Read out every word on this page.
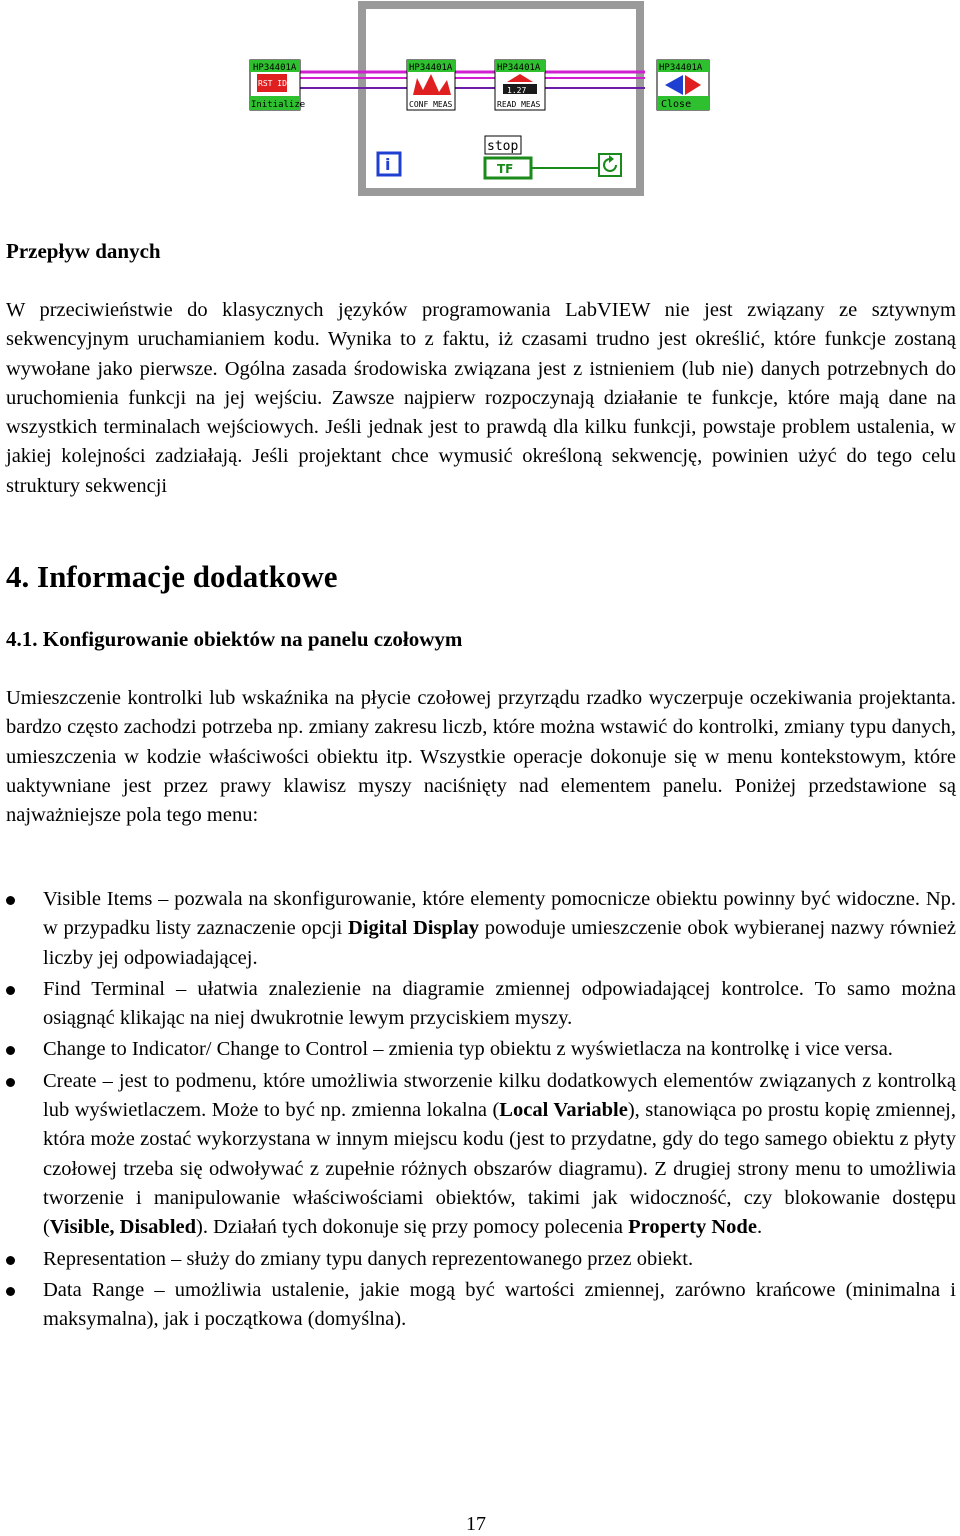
HP34401A
RST IDN
Initialize
HP34401A
CONF MEAS
HP34401A
1.27
READ MEAS
i
stop
TF
HP34401A
Close
Przepływ danych

W przeciwieństwie do klasycznych języków programowania LabVIEW nie jest związany ze sztywnym sekwencyjnym uruchamianiem kodu. Wynika to z faktu, iż czasami trudno jest określić, które funkcje zostaną wywołane jako pierwsze. Ogólna zasada środowiska związana jest z istnieniem (lub nie) danych potrzebnych do uruchomienia funkcji na jej wejściu. Zawsze najpierw rozpoczynają działanie te funkcje, które mają dane na wszystkich terminalach wejściowych. Jeśli jednak jest to prawdą dla kilku funkcji, powstaje problem ustalenia, w jakiej kolejności zadziałają. Jeśli projektant chce wymusić określoną sekwencję, powinien użyć do tego celu struktury sekwencji

4. Informacje dodatkowe
4.1. Konfigurowanie obiektów na panelu czołowym

Umieszczenie kontrolki lub wskaźnika na płycie czołowej przyrządu rzadko wyczerpuje oczekiwania projektanta. bardzo często zachodzi potrzeba np. zmiany zakresu liczb, które można wstawić do kontrolki, zmiany typu danych, umieszczenia w kodzie właściwości obiektu itp. Wszystkie operacje dokonuje się w menu kontekstowym, które uaktywniane jest przez prawy klawisz myszy naciśnięty nad elementem panelu. Poniżej przedstawione są najważniejsze pola tego menu:

Visible Items – pozwala na skonfigurowanie, które elementy pomocnicze obiektu powinny być widoczne. Np. w przypadku listy zaznaczenie opcji Digital Display powoduje umieszczenie obok wybieranej nazwy również liczby jej odpowiadającej.
Find Terminal – ułatwia znalezienie na diagramie zmiennej odpowiadającej kontrolce. To samo można osiągnąć klikając na niej dwukrotnie lewym przyciskiem myszy.
Change to Indicator/ Change to Control – zmienia typ obiektu z wyświetlacza na kontrolkę i vice versa.
Create – jest to podmenu, które umożliwia stworzenie kilku dodatkowych elementów związanych z kontrolką lub wyświetlaczem. Może to być np. zmienna lokalna (Local Variable), stanowiąca po prostu kopię zmiennej, która może zostać wykorzystana w innym miejscu kodu (jest to przydatne, gdy do tego samego obiektu z płyty czołowej trzeba się odwoływać z zupełnie różnych obszarów diagramu). Z drugiej strony menu to umożliwia tworzenie i manipulowanie właściwościami obiektów, takimi jak widoczność, czy blokowanie dostępu (Visible, Disabled). Działań tych dokonuje się przy pomocy polecenia Property Node.
Representation – służy do zmiany typu danych reprezentowanego przez obiekt.
Data Range – umożliwia ustalenie, jakie mogą być wartości zmiennej, zarówno krańcowe (minimalna i maksymalna), jak i początkowa (domyślna).
17
